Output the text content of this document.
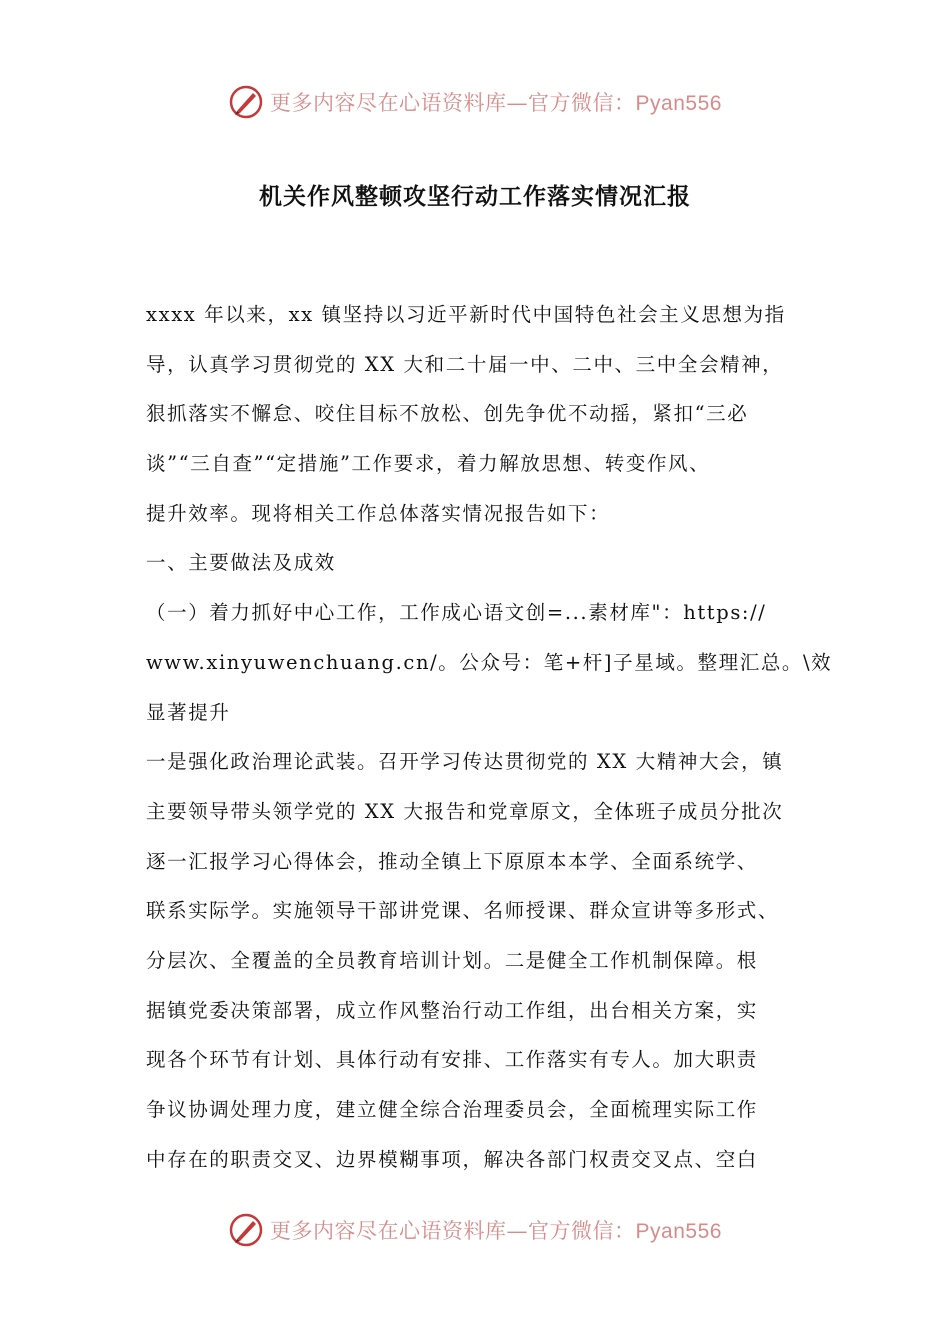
更多内容尽在心语资料库—官方微信：Pyan556
机关作风整顿攻坚行动工作落实情况汇报
xxxx 年以来，xx 镇坚持以习近平新时代中国特色社会主义思想为指
导，认真学习贯彻党的 XX 大和二十届一中、二中、三中全会精神，
狠抓落实不懈怠、咬住目标不放松、创先争优不动摇，紧扣“三必
谈”“三自查”“定措施”工作要求，着力解放思想、转变作风、
提升效率。现将相关工作总体落实情况报告如下：
一、主要做法及成效
（一）着力抓好中心工作，工作成心语文创=...素材库"：https://
www.xinyuwenchuang.cn/。公众号：笔+杆]子星域。整理汇总。\效
显著提升
一是强化政治理论武装。召开学习传达贯彻党的 XX 大精神大会，镇
主要领导带头领学党的 XX 大报告和党章原文，全体班子成员分批次
逐一汇报学习心得体会，推动全镇上下原原本本学、全面系统学、
联系实际学。实施领导干部讲党课、名师授课、群众宣讲等多形式、
分层次、全覆盖的全员教育培训计划。二是健全工作机制保障。根
据镇党委决策部署，成立作风整治行动工作组，出台相关方案，实
现各个环节有计划、具体行动有安排、工作落实有专人。加大职责
争议协调处理力度，建立健全综合治理委员会，全面梳理实际工作
中存在的职责交叉、边界模糊事项，解决各部门权责交叉点、空白
更多内容尽在心语资料库—官方微信：Pyan556
